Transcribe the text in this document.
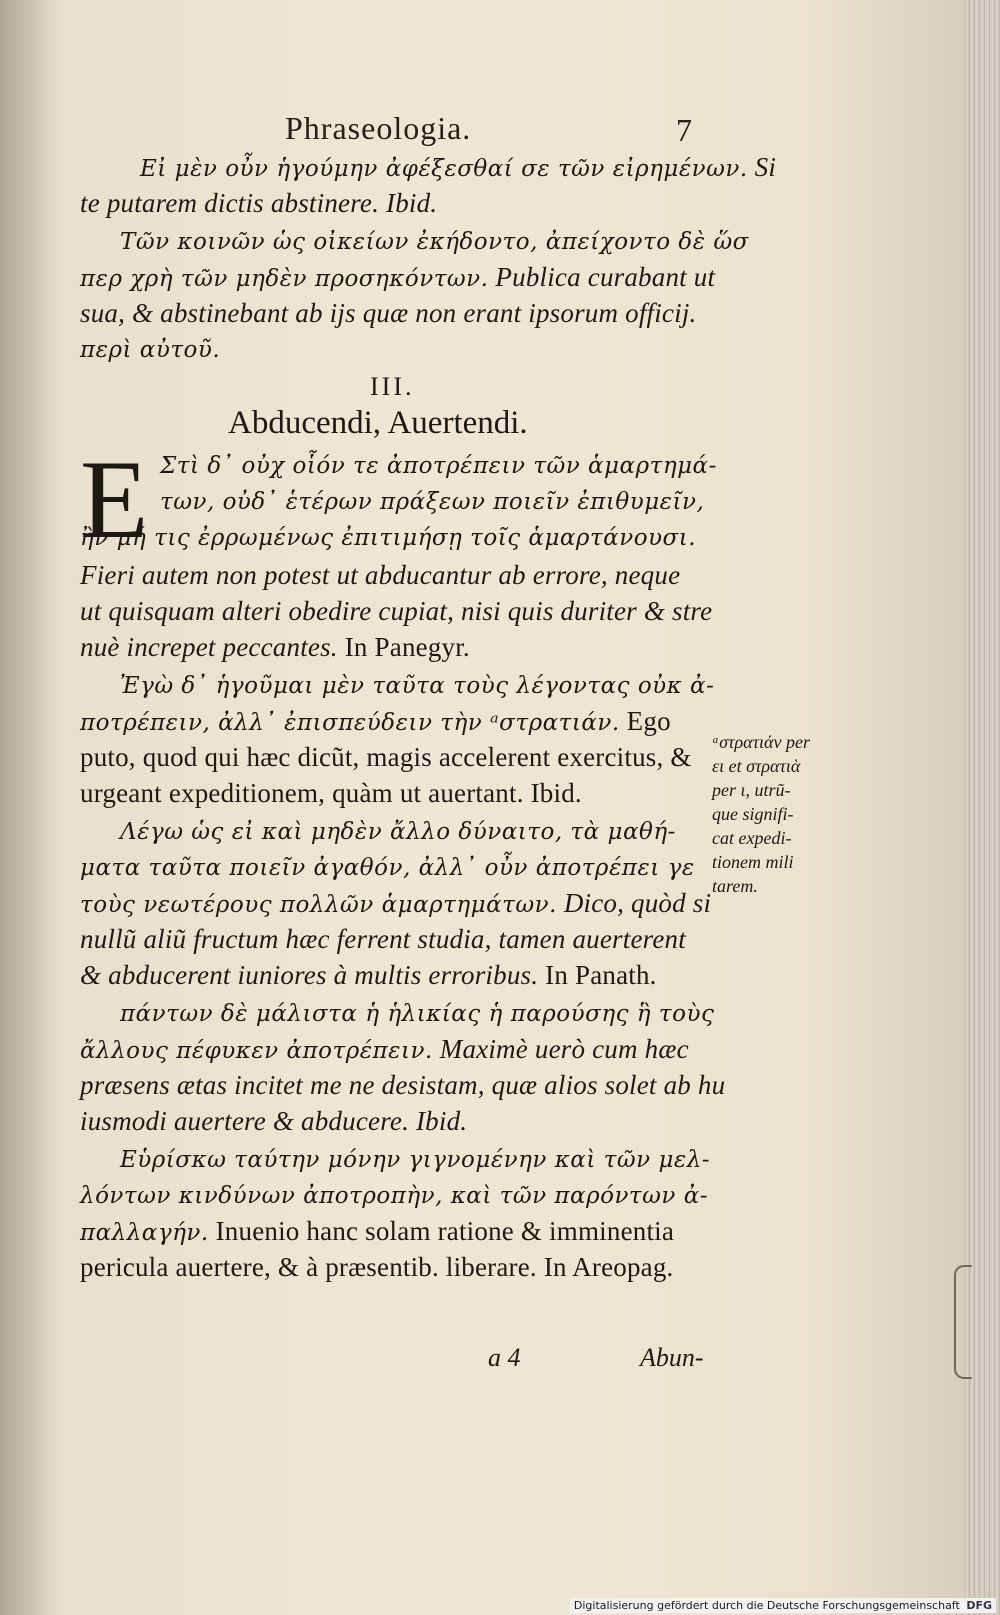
Phraseologia.	7
III.
Abducendi, Auertendi.
E
Εἰ μὲν οὖν ἡγούμην ἀφέξεσθαί σε τῶν εἰρημένων. Si
te putarem dictis abstinere. Ibid.
Τῶν κοινῶν ὡς οἰκείων ἐκήδοντο, ἀπείχοντο δὲ ὥσ
περ χρὴ τῶν μηδὲν προσηκόντων. Publica curabant ut
sua, & abstinebant ab ijs quæ non erant ipsorum officij.
περὶ αὐτοῦ.
Στὶ δ᾽ οὐχ οἷόν τε ἀποτρέπειν τῶν ἁμαρτημά-
των, οὐδ᾽ ἑτέρων πράξεων ποιεῖν ἐπιθυμεῖν,
ἢν μή τις ἐρρωμένως ἐπιτιμήσῃ τοῖς ἁμαρτάνουσι.
Fieri autem non potest ut abducantur ab errore, neque
ut quisquam alteri obedire cupiat, nisi quis duriter & stre
nuè increpet peccantes. In Panegyr.
Ἐγὼ δ᾽ ἡγοῦμαι μὲν ταῦτα τοὺς λέγοντας οὐκ ἀ-
ποτρέπειν, ἀλλ᾽ ἐπισπεύδειν τὴν ᵃστρατιάν. Ego
puto, quod qui hæc dicũt, magis accelerent exercitus, &
urgeant expeditionem, quàm ut auertant. Ibid.
Λέγω ὡς εἰ καὶ μηδὲν ἄλλο δύναιτο, τὰ μαθή-
ματα ταῦτα ποιεῖν ἀγαθόν, ἀλλ᾽ οὖν ἀποτρέπει γε
τοὺς νεωτέρους πολλῶν ἁμαρτημάτων. Dico, quòd si
nullũ aliũ fructum hæc ferrent studia, tamen auerterent
& abducerent iuniores à multis erroribus. In Panath.
πάντων δὲ μάλιστα ἡ ἡλικίας ἡ παρούσης ἣ τοὺς
ἄλλους πέφυκεν ἀποτρέπειν. Maximè uerò cum hæc
præsens ætas incitet me ne desistam, quæ alios solet ab hu
iusmodi auertere & abducere. Ibid.
Εὑρίσκω ταύτην μόνην γιγνομένην καὶ τῶν μελ-
λόντων κινδύνων ἀποτροπὴν, καὶ τῶν παρόντων ἀ-
παλλαγήν. Inuenio hanc solam ratione & imminentia
pericula auertere, & à præsentib. liberare. In Areopag.
ᵃστρατιάν per
ει et στρατιὰ
per ι, utrũ-
que signifi-
cat expedi-
tionem mili
tarem.
a 4	Abun-
Digitalisierung gefördert durch die Deutsche Forschungsgemeinschaft DFG
